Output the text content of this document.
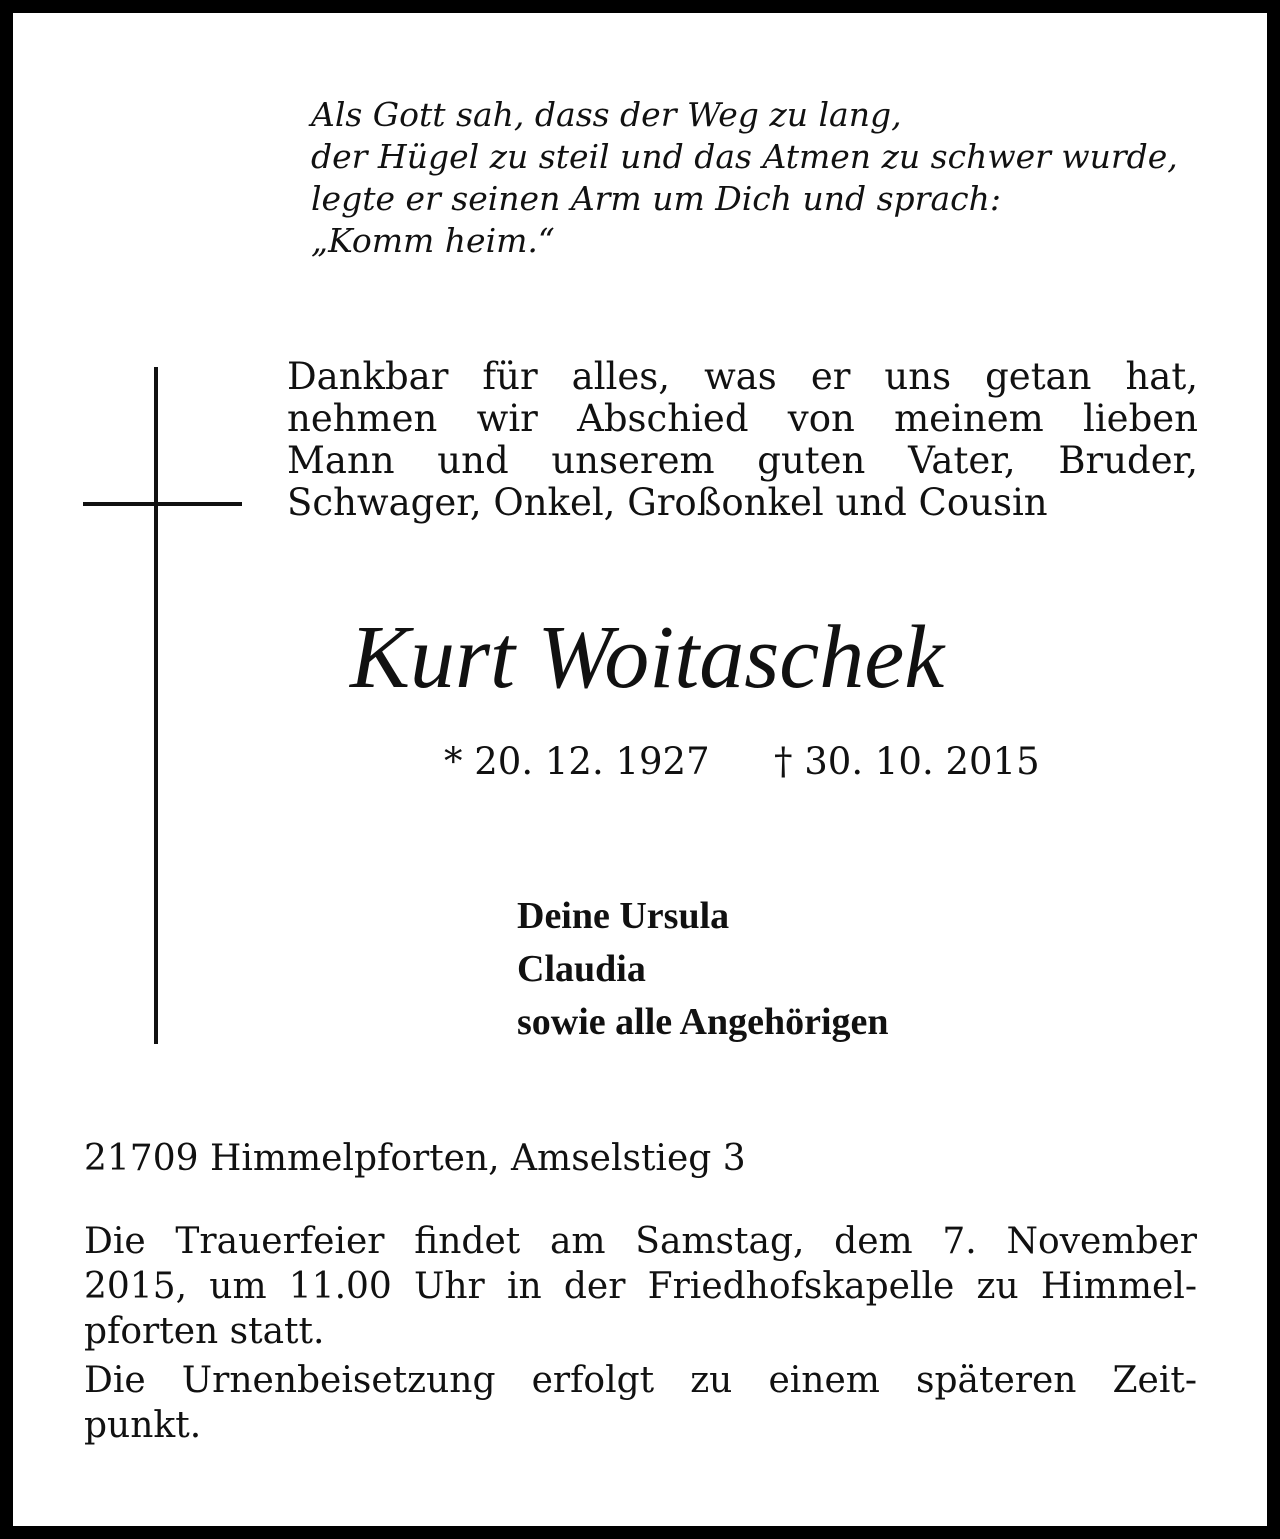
Als Gott sah, dass der Weg zu lang,
der Hügel zu steil und das Atmen zu schwer wurde,
legte er seinen Arm um Dich und sprach:
„Komm heim.“
Dankbar für alles, was er uns getan hat,
nehmen wir Abschied von meinem lieben
Mann und unserem guten Vater, Bruder,
Schwager, Onkel, Großonkel und Cousin
Kurt Woitaschek
* 20. 12. 1927 † 30. 10. 2015
Deine Ursula
Claudia
sowie alle Angehörigen
21709 Himmelpforten, Amselstieg 3
Die Trauerfeier findet am Samstag, dem 7. November
2015, um 11.00 Uhr in der Friedhofskapelle zu Himmel-
pforten statt.
Die Urnenbeisetzung erfolgt zu einem späteren Zeit-
punkt.
